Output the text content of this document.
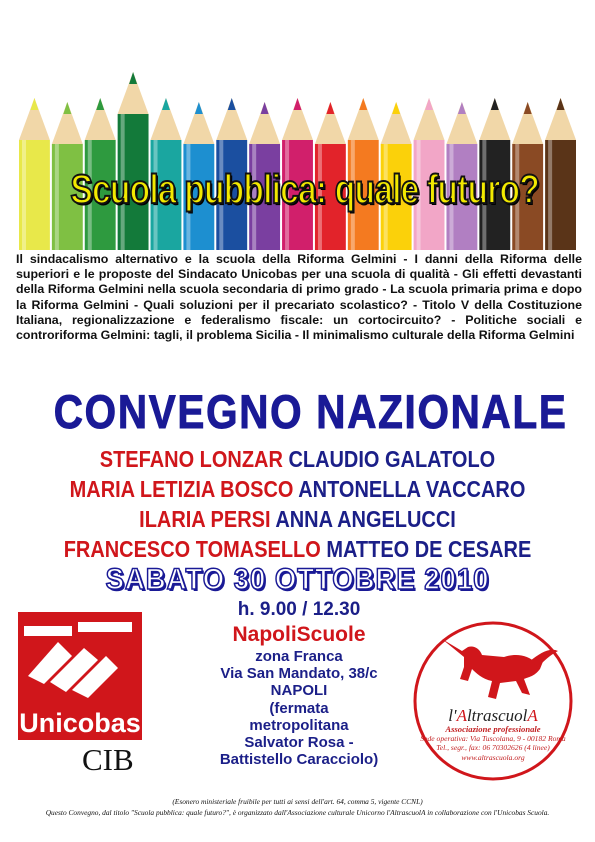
Scuola pubblica: quale futuro?
Il sindacalismo alternativo e la scuola della Riforma Gelmini - I danni della Riforma delle superiori e le proposte del Sindacato Unicobas per una scuola di qualità - Gli effetti devastanti della Riforma Gelmini nella scuola secondaria di primo grado - La scuola primaria prima e dopo la Riforma Gelmini - Quali soluzioni per il precariato scolastico? - Titolo V della Costituzione Italiana, regionalizzazione e federalismo fiscale: un cortocircuito? - Politiche sociali e controriforma Gelmini: tagli, il problema Sicilia - Il minimalismo culturale della Riforma Gelmini
CONVEGNO NAZIONALE
STEFANO LONZAR CLAUDIO GALATOLO
MARIA LETIZIA BOSCO ANTONELLA VACCARO
ILARIA PERSI ANNA ANGELUCCI
FRANCESCO TOMASELLO MATTEO DE CESARE
SABATO 30 OTTOBRE 2010
h. 9.00 / 12.30
NapoliScuole
zona Franca
Via San Mandato, 38/c
NAPOLI
(fermata
metropolitana
Salvator Rosa -
Battistello Caracciolo)
Unicobas
CIB
l'AltrascuolA
Associazione professionale
Sede operativa: Via Tuscolana, 9 - 00182 Roma
Tel., segr., fax: 06 70302626 (4 linee)
www.altrascuola.org
(Esonero ministeriale fruibile per tutti ai sensi dell'art. 64, comma 5, vigente CCNL)
Questo Convegno, dal titolo "Scuola pubblica: quale futuro?", è organizzato dall'Associazione culturale Unicorno l'AltrascuolA in collaborazione con l'Unicobas Scuola.
